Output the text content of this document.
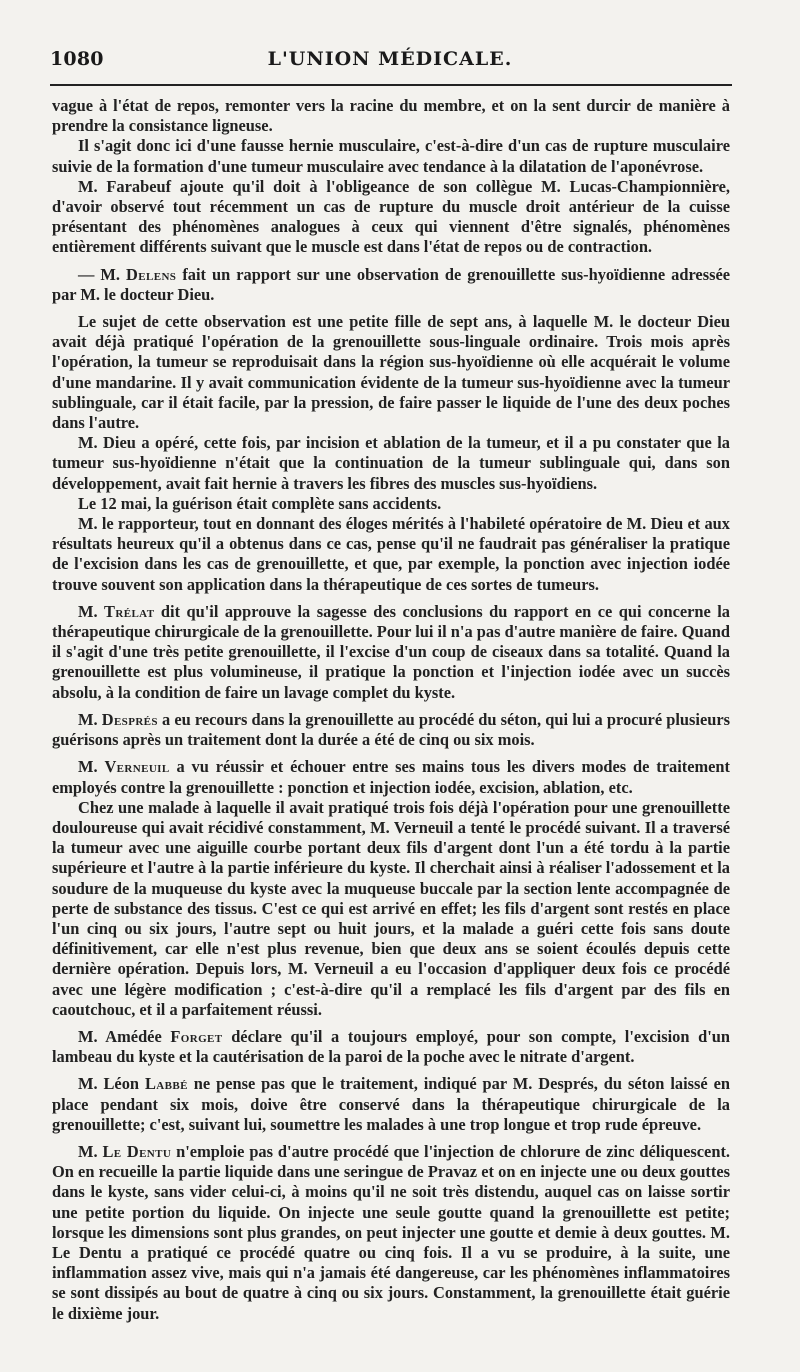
1080	L'UNION MÉDICALE.

vague à l'état de repos, remonter vers la racine du membre, et on la sent durcir de manière à prendre la consistance ligneuse.

Il s'agit donc ici d'une fausse hernie musculaire, c'est-à-dire d'un cas de rupture musculaire suivie de la formation d'une tumeur musculaire avec tendance à la dilatation de l'aponévrose.

M. Farabeuf ajoute qu'il doit à l'obligeance de son collègue M. Lucas-Championnière, d'avoir observé tout récemment un cas de rupture du muscle droit antérieur de la cuisse présentant des phénomènes analogues à ceux qui viennent d'être signalés, phénomènes entièrement différents suivant que le muscle est dans l'état de repos ou de contraction.

— M. Delens fait un rapport sur une observation de grenouillette sus-hyoïdienne adressée par M. le docteur Dieu.

Le sujet de cette observation est une petite fille de sept ans, à laquelle M. le docteur Dieu avait déjà pratiqué l'opération de la grenouillette sous-linguale ordinaire. Trois mois après l'opération, la tumeur se reproduisait dans la région sus-hyoïdienne où elle acquérait le volume d'une mandarine. Il y avait communication évidente de la tumeur sus-hyoïdienne avec la tumeur sublinguale, car il était facile, par la pression, de faire passer le liquide de l'une des deux poches dans l'autre.

M. Dieu a opéré, cette fois, par incision et ablation de la tumeur, et il a pu constater que la tumeur sus-hyoïdienne n'était que la continuation de la tumeur sublinguale qui, dans son développement, avait fait hernie à travers les fibres des muscles sus-hyoïdiens.

Le 12 mai, la guérison était complète sans accidents.

M. le rapporteur, tout en donnant des éloges mérités à l'habileté opératoire de M. Dieu et aux résultats heureux qu'il a obtenus dans ce cas, pense qu'il ne faudrait pas généraliser la pratique de l'excision dans les cas de grenouillette, et que, par exemple, la ponction avec injection iodée trouve souvent son application dans la thérapeutique de ces sortes de tumeurs.

M. Trélat dit qu'il approuve la sagesse des conclusions du rapport en ce qui concerne la thérapeutique chirurgicale de la grenouillette. Pour lui il n'a pas d'autre manière de faire. Quand il s'agit d'une très petite grenouillette, il l'excise d'un coup de ciseaux dans sa totalité. Quand la grenouillette est plus volumineuse, il pratique la ponction et l'injection iodée avec un succès absolu, à la condition de faire un lavage complet du kyste.

M. Després a eu recours dans la grenouillette au procédé du séton, qui lui a procuré plusieurs guérisons après un traitement dont la durée a été de cinq ou six mois.

M. Verneuil a vu réussir et échouer entre ses mains tous les divers modes de traitement employés contre la grenouillette : ponction et injection iodée, excision, ablation, etc.

Chez une malade à laquelle il avait pratiqué trois fois déjà l'opération pour une grenouillette douloureuse qui avait récidivé constamment, M. Verneuil a tenté le procédé suivant. Il a traversé la tumeur avec une aiguille courbe portant deux fils d'argent dont l'un a été tordu à la partie supérieure et l'autre à la partie inférieure du kyste. Il cherchait ainsi à réaliser l'adossement et la soudure de la muqueuse du kyste avec la muqueuse buccale par la section lente accompagnée de perte de substance des tissus. C'est ce qui est arrivé en effet; les fils d'argent sont restés en place l'un cinq ou six jours, l'autre sept ou huit jours, et la malade a guéri cette fois sans doute définitivement, car elle n'est plus revenue, bien que deux ans se soient écoulés depuis cette dernière opération. Depuis lors, M. Verneuil a eu l'occasion d'appliquer deux fois ce procédé avec une légère modification ; c'est-à-dire qu'il a remplacé les fils d'argent par des fils en caoutchouc, et il a parfaitement réussi.

M. Amédée Forget déclare qu'il a toujours employé, pour son compte, l'excision d'un lambeau du kyste et la cautérisation de la paroi de la poche avec le nitrate d'argent.

M. Léon Labbé ne pense pas que le traitement, indiqué par M. Després, du séton laissé en place pendant six mois, doive être conservé dans la thérapeutique chirurgicale de la grenouillette; c'est, suivant lui, soumettre les malades à une trop longue et trop rude épreuve.

M. Le Dentu n'emploie pas d'autre procédé que l'injection de chlorure de zinc déliquescent. On en recueille la partie liquide dans une seringue de Pravaz et on en injecte une ou deux gouttes dans le kyste, sans vider celui-ci, à moins qu'il ne soit très distendu, auquel cas on laisse sortir une petite portion du liquide. On injecte une seule goutte quand la grenouillette est petite; lorsque les dimensions sont plus grandes, on peut injecter une goutte et demie à deux gouttes. M. Le Dentu a pratiqué ce procédé quatre ou cinq fois. Il a vu se produire, à la suite, une inflammation assez vive, mais qui n'a jamais été dangereuse, car les phénomènes inflammatoires se sont dissipés au bout de quatre à cinq ou six jours. Constamment, la grenouillette était guérie le dixième jour.
